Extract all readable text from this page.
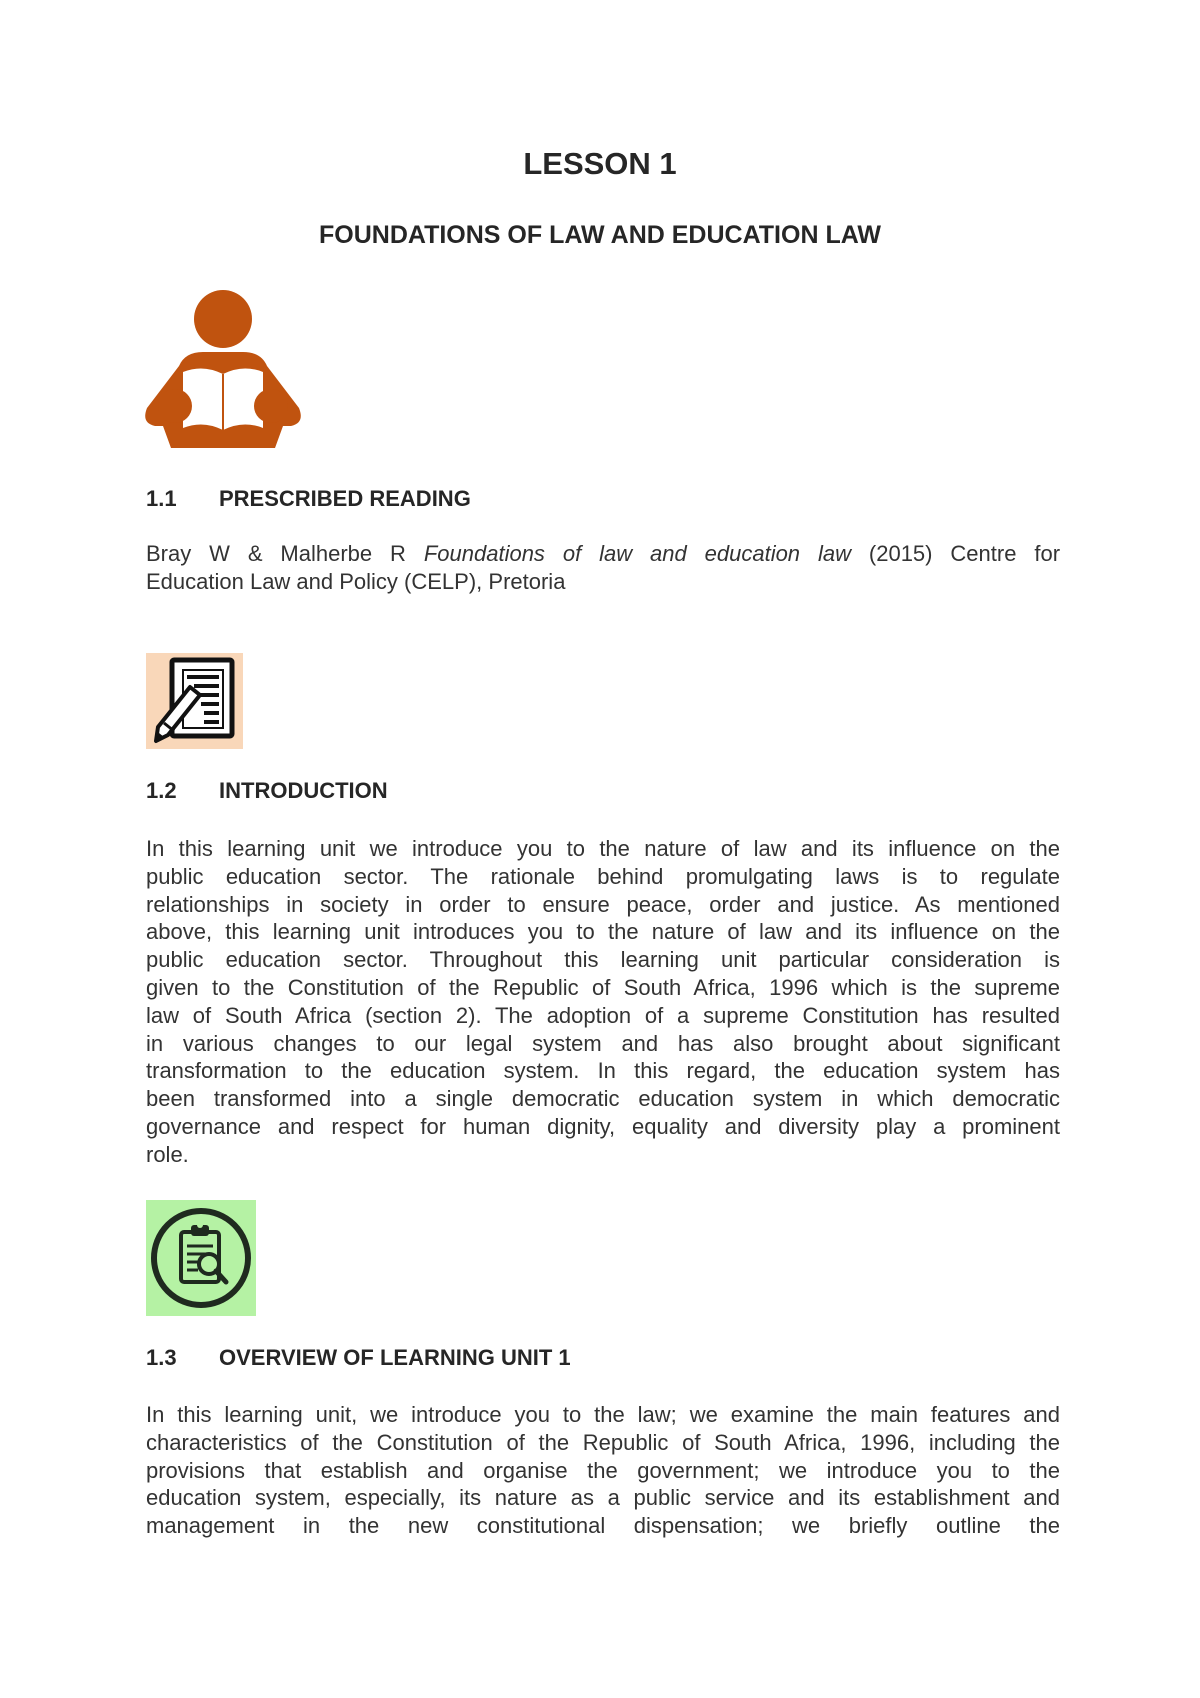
LESSON 1
FOUNDATIONS OF LAW AND EDUCATION LAW
1.1 PRESCRIBED READING
Bray W & Malherbe R Foundations of law and education law (2015) Centre for
Education Law and Policy (CELP), Pretoria
1.2 INTRODUCTION
In this learning unit we introduce you to the nature of law and its influence on the
public education sector. The rationale behind promulgating laws is to regulate
relationships in society in order to ensure peace, order and justice. As mentioned
above, this learning unit introduces you to the nature of law and its influence on the
public education sector. Throughout this learning unit particular consideration is
given to the Constitution of the Republic of South Africa, 1996 which is the supreme
law of South Africa (section 2). The adoption of a supreme Constitution has resulted
in various changes to our legal system and has also brought about significant
transformation to the education system. In this regard, the education system has
been transformed into a single democratic education system in which democratic
governance and respect for human dignity, equality and diversity play a prominent
role.
1.3 OVERVIEW OF LEARNING UNIT 1
In this learning unit, we introduce you to the law; we examine the main features and
characteristics of the Constitution of the Republic of South Africa, 1996, including the
provisions that establish and organise the government; we introduce you to the
education system, especially, its nature as a public service and its establishment and
management in the new constitutional dispensation; we briefly outline the
